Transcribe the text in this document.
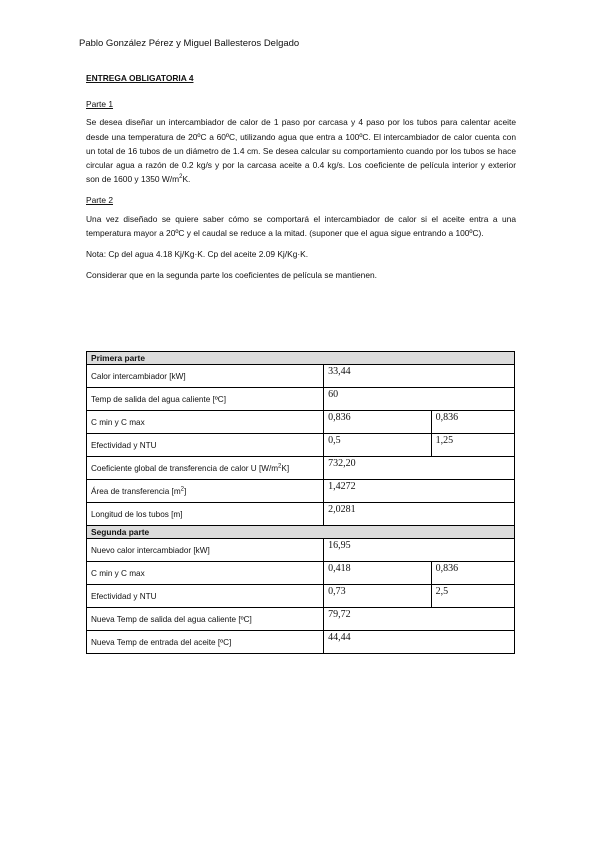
Pablo González Pérez y Miguel Ballesteros Delgado
ENTREGA OBLIGATORIA 4
Parte 1

Se desea diseñar un intercambiador de calor de 1 paso por carcasa y 4 paso por los tubos para calentar aceite desde una temperatura de 20ºC a 60ºC, utilizando agua que entra a 100ºC. El intercambiador de calor cuenta con un total de 16 tubos de un diámetro de 1.4 cm. Se desea calcular su comportamiento cuando por los tubos se hace circular agua a razón de 0.2 kg/s y por la carcasa aceite a 0.4 kg/s. Los coeficiente de película interior y exterior son de 1600 y 1350 $W/m^2K$.

Parte 2

Una vez diseñado se quiere saber cómo se comportará el intercambiador de calor si el aceite entra a una temperatura mayor a 20ºC y el caudal se reduce a la mitad. (suponer que el agua sigue entrando a 100ºC).

Nota: Cp del agua 4.18 Kj/Kg·K. Cp del aceite 2.09 Kj/Kg·K.

Considerar que en la segunda parte los coeficientes de película se mantienen.

Primera parte		
Calor intercambiador [kW]	33,44	
Temp de salida del agua caliente [ºC]	60	
C min y C max	0,836	0,836
Efectividad y NTU	0,5	1,25
Coeficiente global de transferencia de calor U $[W/m^2K]$	732,20	
Área de transferencia $[m^2]$	1,4272	
Longitud de los tubos [m]	2,0281	
Segunda parte		
Nuevo calor intercambiador [kW]	16,95	
C min y C max	0,418	0,836
Efectividad y NTU	0,73	2,5
Nueva Temp de salida del agua caliente [ºC]	79,72	
Nueva Temp de entrada del aceite [ºC]	44,44	
